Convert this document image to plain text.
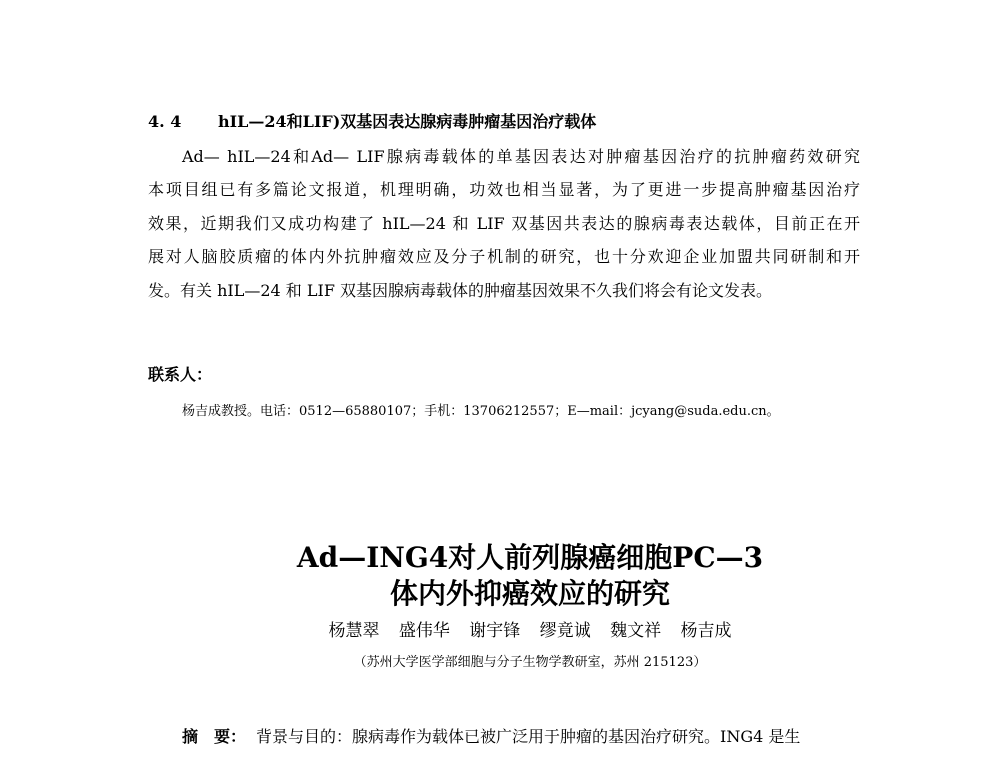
4. 4 hIL—24和LIF)双基因表达腺病毒肿瘤基因治疗载体
Ad— hIL—24和Ad— LIF腺病毒载体的单基因表达对肿瘤基因治疗的抗肿瘤药效研究
本项目组已有多篇论文报道，机理明确，功效也相当显著，为了更进一步提高肿瘤基因治疗
效果，近期我们又成功构建了 hIL—24 和 LIF 双基因共表达的腺病毒表达载体，目前正在开
展对人脑胶质瘤的体内外抗肿瘤效应及分子机制的研究，也十分欢迎企业加盟共同研制和开
发。有关 hIL—24 和 LIF 双基因腺病毒载体的肿瘤基因效果不久我们将会有论文发表。
联系人：
杨吉成教授。电话：0512—65880107；手机：13706212557；E—mail：jcyang@suda.edu.cn。
Ad—ING4对人前列腺癌细胞PC—3
体内外抑癌效应的研究
杨慧翠 盛伟华 谢宇锋 缪竟诚 魏文祥 杨吉成
（苏州大学医学部细胞与分子生物学教研室，苏州 215123）
摘　要： 背景与目的：腺病毒作为载体已被广泛用于肿瘤的基因治疗研究。ING4 是生
